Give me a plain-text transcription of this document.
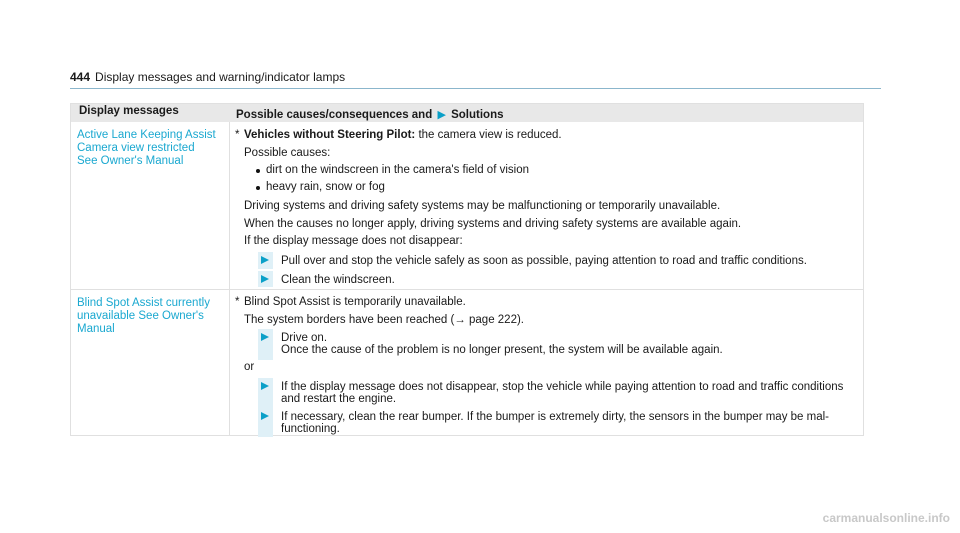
444 Display messages and warning/indicator lamps
Display messages	Possible causes/consequences and ▶ Solutions
Active Lane Keeping Assist
Camera view restricted
See Owner's Manual
* Vehicles without Steering Pilot: the camera view is reduced.
Possible causes:
dirt on the windscreen in the camera's field of vision
heavy rain, snow or fog
Driving systems and driving safety systems may be malfunctioning or temporarily unavailable.
When the causes no longer apply, driving systems and driving safety systems are available again.
If the display message does not disappear:
Pull over and stop the vehicle safely as soon as possible, paying attention to road and traffic conditions.
Clean the windscreen.
Blind Spot Assist currently
unavailable See Owner's
Manual
* Blind Spot Assist is temporarily unavailable.
The system borders have been reached (→ page 222).
Drive on.
Once the cause of the problem is no longer present, the system will be available again.
or
If the display message does not disappear, stop the vehicle while paying attention to road and traffic conditions
and restart the engine.
If necessary, clean the rear bumper. If the bumper is extremely dirty, the sensors in the bumper may be mal-
functioning.
carmanualsonline.info
